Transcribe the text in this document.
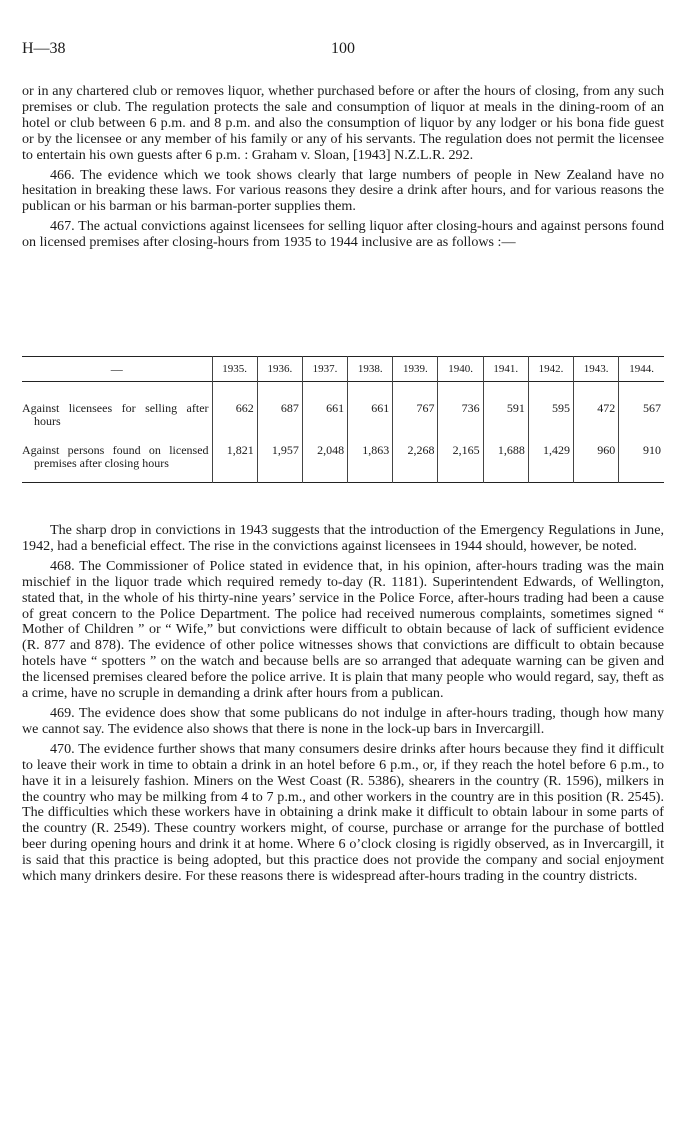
H—38	100

or in any chartered club or removes liquor, whether purchased before or after the hours of closing, from any such premises or club. The regulation protects the sale and consumption of liquor at meals in the dining-room of an hotel or club between 6 p.m. and 8 p.m. and also the consumption of liquor by any lodger or his bona fide guest or by the licensee or any member of his family or any of his servants. The regulation does not permit the licensee to entertain his own guests after 6 p.m. : Graham v. Sloan, [1943] N.Z.L.R. 292.

466. The evidence which we took shows clearly that large numbers of people in New Zealand have no hesitation in breaking these laws. For various reasons they desire a drink after hours, and for various reasons the publican or his barman or his barman-porter supplies them.

467. The actual convictions against licensees for selling liquor after closing-hours and against persons found on licensed premises after closing-hours from 1935 to 1944 inclusive are as follows :—

—	1935.	1936.	1937.	1938.	1939.	1940.	1941.	1942.	1943.	1944.

Against licensees for selling after hours	662	687	661	661	767	736	591	595	472	567

Against persons found on licensed premises after closing hours	1,821	1,957	2,048	1,863	2,268	2,165	1,688	1,429	960	910

The sharp drop in convictions in 1943 suggests that the introduction of the Emergency Regulations in June, 1942, had a beneficial effect. The rise in the convictions against licensees in 1944 should, however, be noted.

468. The Commissioner of Police stated in evidence that, in his opinion, after-hours trading was the main mischief in the liquor trade which required remedy to-day (R. 1181). Superintendent Edwards, of Wellington, stated that, in the whole of his thirty-nine years’ service in the Police Force, after-hours trading had been a cause of great concern to the Police Department. The police had received numerous complaints, sometimes signed “ Mother of Children ” or “ Wife,” but convictions were difficult to obtain because of lack of sufficient evidence (R. 877 and 878). The evidence of other police witnesses shows that convictions are difficult to obtain because hotels have “ spotters ” on the watch and because bells are so arranged that adequate warning can be given and the licensed premises cleared before the police arrive. It is plain that many people who would regard, say, theft as a crime, have no scruple in demanding a drink after hours from a publican.

469. The evidence does show that some publicans do not indulge in after-hours trading, though how many we cannot say. The evidence also shows that there is none in the lock-up bars in Invercargill.

470. The evidence further shows that many consumers desire drinks after hours because they find it difficult to leave their work in time to obtain a drink in an hotel before 6 p.m., or, if they reach the hotel before 6 p.m., to have it in a leisurely fashion. Miners on the West Coast (R. 5386), shearers in the country (R. 1596), milkers in the country who may be milking from 4 to 7 p.m., and other workers in the country are in this position (R. 2545). The difficulties which these workers have in obtaining a drink make it difficult to obtain labour in some parts of the country (R. 2549). These country workers might, of course, purchase or arrange for the purchase of bottled beer during opening hours and drink it at home. Where 6 o’clock closing is rigidly observed, as in Invercargill, it is said that this practice is being adopted, but this practice does not provide the company and social enjoyment which many drinkers desire. For these reasons there is widespread after-hours trading in the country districts.
